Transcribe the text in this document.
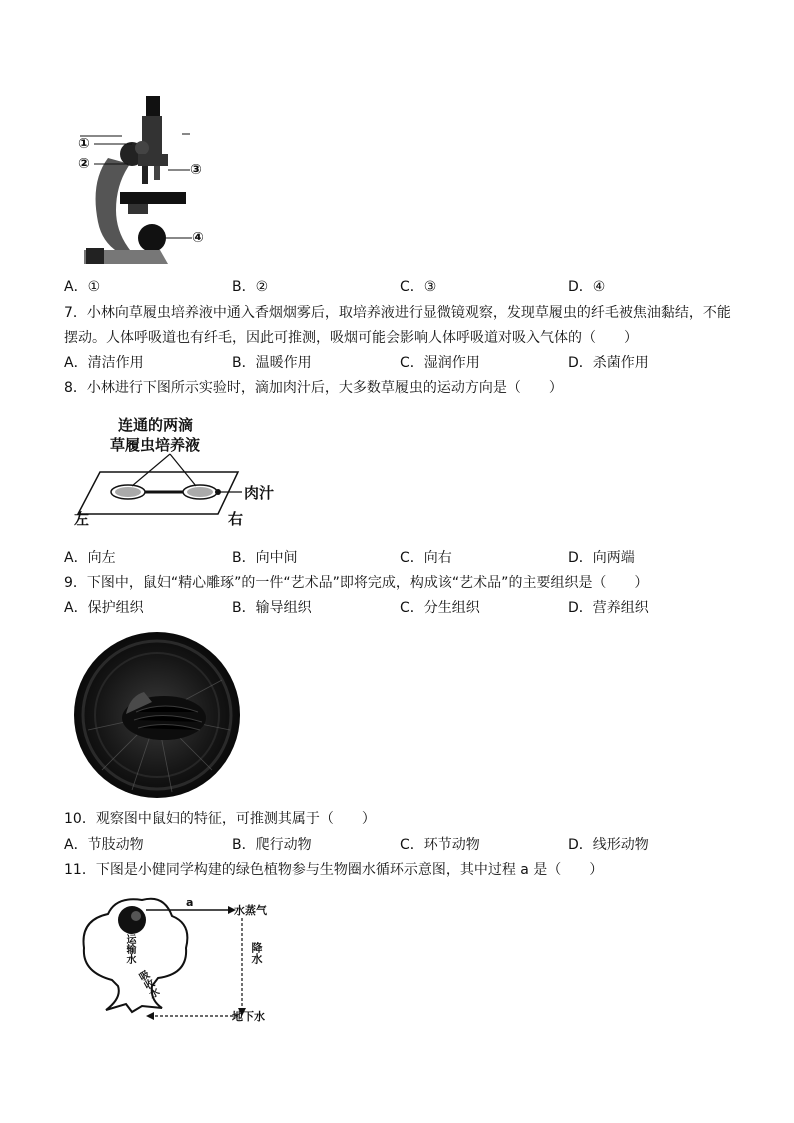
①
②	③
④
A．①	B．②	C．③	D．④
7．小林向草履虫培养液中通入香烟烟雾后，取培养液进行显微镜观察，发现草履虫的纤毛被焦油黏结，不能
摆动。人体呼吸道也有纤毛，因此可推测，吸烟可能会影响人体呼吸道对吸入气体的（　　）
A．清洁作用	B．温暖作用	C．湿润作用	D．杀菌作用
8．小林进行下图所示实验时，滴加肉汁后，大多数草履虫的运动方向是（　　）
连通的两滴
草履虫培养液
肉汁
左	右
A．向左	B．向中间	C．向右	D．向两端
9．下图中，鼠妇“精心雕琢”的一件“艺术品”即将完成，构成该“艺术品”的主要组织是（　　）
A．保护组织	B．输导组织	C．分生组织	D．营养组织
10．观察图中鼠妇的特征，可推测其属于（　　）
A．节肢动物	B．爬行动物	C．环节动物	D．线形动物
11．下图是小健同学构建的绿色植物参与生物圈水循环示意图，其中过程 a 是（　　）
a
水蒸气
降水
地下水
运输水
吸收水
